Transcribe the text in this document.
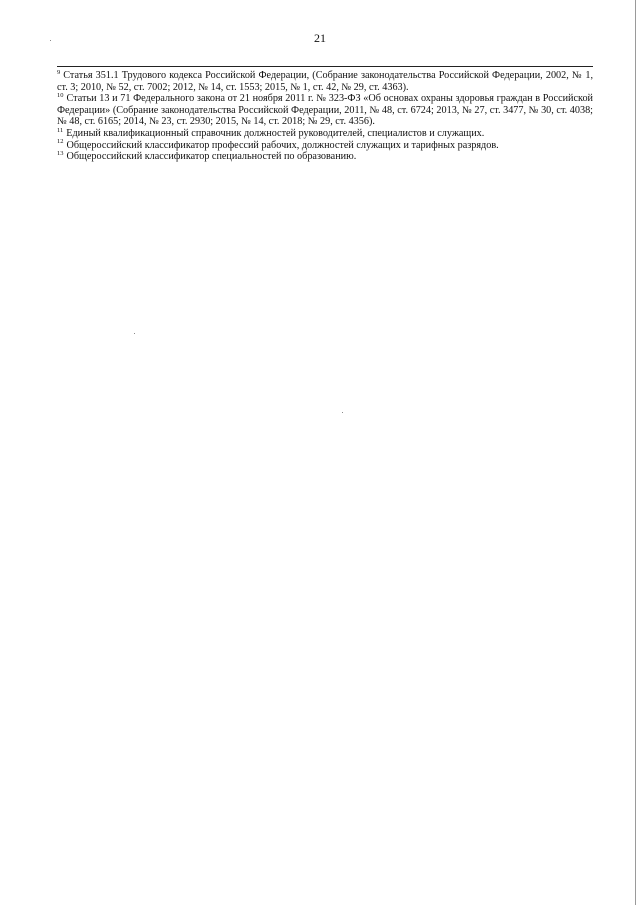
21

$^9$ Статья 351.1 Трудового кодекса Российской Федерации, (Собрание законодательства Российской Федерации, 2002, № 1, ст. 3; 2010, № 52, ст. 7002; 2012, № 14, ст. 1553; 2015, № 1, ст. 42, № 29, ст. 4363).

$^{10}$ Статьи 13 и 71 Федерального закона от 21 ноября 2011 г. № 323-ФЗ «Об основах охраны здоровья граждан в Российской Федерации» (Собрание законодательства Российской Федерации, 2011, № 48, ст. 6724; 2013, № 27, ст. 3477, № 30, ст. 4038; № 48, ст. 6165; 2014, № 23, ст. 2930; 2015, № 14, ст. 2018; № 29, ст. 4356).

$^{11}$ Единый квалификационный справочник должностей руководителей, специалистов и служащих.

$^{12}$ Общероссийский классификатор профессий рабочих, должностей служащих и тарифных разрядов.

$^{13}$ Общероссийский классификатор специальностей по образованию.
